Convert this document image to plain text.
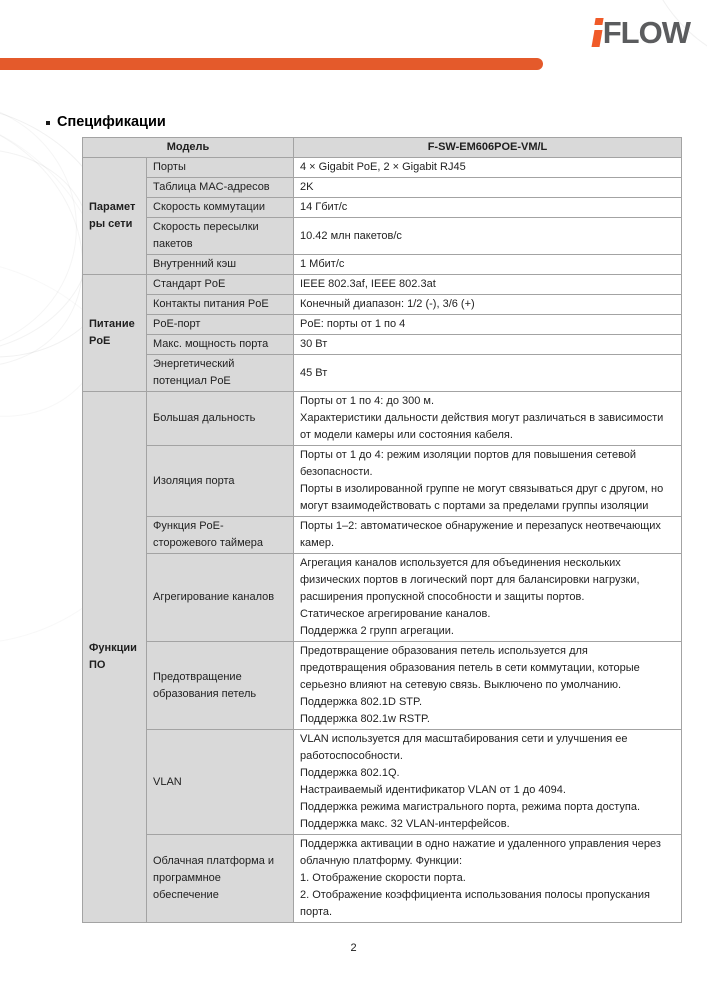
FLOW
Спецификации
Модель		F-SW-EM606POE-VM/L
Параметры сети	Порты	4 × Gigabit PoE, 2 × Gigabit RJ45

	Таблица MAC-адресов	2K

	Скорость коммутации	14 Гбит/с

	Скорость пересылки пакетов	10.42 млн пакетов/с

	Внутренний кэш	1 Мбит/с

Питание PoE	Стандарт PoE	IEEE 802.3af, IEEE 802.3at

	Контакты питания PoE	Конечный диапазон: 1/2 (-), 3/6 (+)

	PoE-порт	PoE: порты от 1 по 4

	Макс. мощность порта	30 Вт

	Энергетический потенциал PoE	45 Вт

Функции ПО	Большая дальность	Порты от 1 по 4: до 300 м.
Характеристики дальности действия могут различаться в зависимости от модели камеры или состояния кабеля.

	Изоляция порта	Порты от 1 до 4: режим изоляции портов для повышения сетевой безопасности.
Порты в изолированной группе не могут связываться друг с другом, но могут взаимодействовать с портами за пределами группы изоляции

	Функция PoE-сторожевого таймера	Порты 1–2: автоматическое обнаружение и перезапуск неотвечающих камер.

	Агрегирование каналов	Агрегация каналов используется для объединения нескольких физических портов в логический порт для балансировки нагрузки, расширения пропускной способности и защиты портов.
Статическое агрегирование каналов.
Поддержка 2 групп агрегации.

	Предотвращение образования петель	Предотвращение образования петель используется для предотвращения образования петель в сети коммутации, которые серьезно влияют на сетевую связь. Выключено по умолчанию.
Поддержка 802.1D STP.
Поддержка 802.1w RSTP.

	VLAN	VLAN используется для масштабирования сети и улучшения ее работоспособности.
Поддержка 802.1Q.
Настраиваемый идентификатор VLAN от 1 до 4094.
Поддержка режима магистрального порта, режима порта доступа.
Поддержка макс. 32 VLAN-интерфейсов.

	Облачная платформа и программное обеспечение	Поддержка активации в одно нажатие и удаленного управления через облачную платформу. Функции:
1. Отображение скорости порта.
2. Отображение коэффициента использования полосы пропускания порта.
2
